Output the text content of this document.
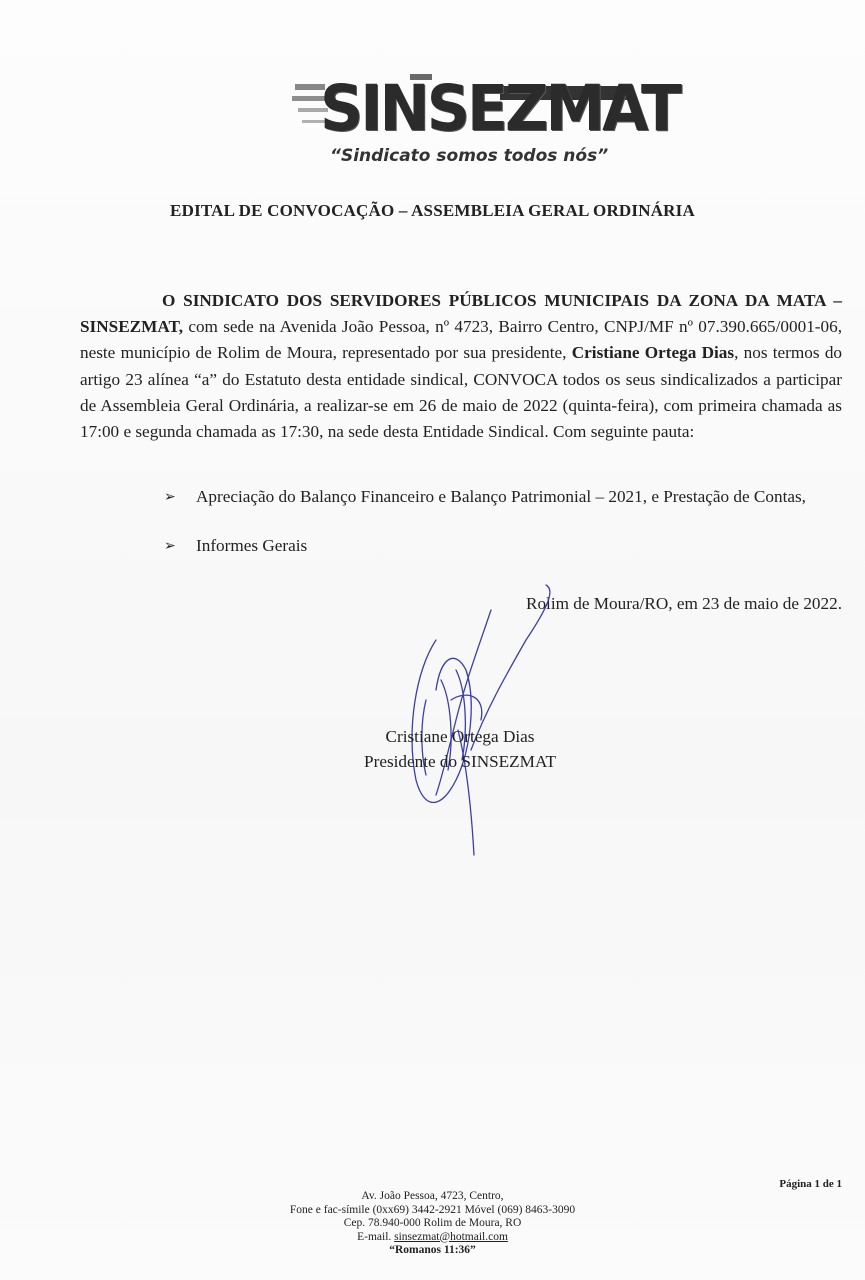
SINSEZMAT
“Sindicato somos todos nós”
EDITAL DE CONVOCAÇÃO – ASSEMBLEIA GERAL ORDINÁRIA
O SINDICATO DOS SERVIDORES PÚBLICOS MUNICIPAIS DA ZONA DA MATA – SINSEZMAT, com sede na Avenida João Pessoa, nº 4723, Bairro Centro, CNPJ/MF nº 07.390.665/0001-06, neste município de Rolim de Moura, representado por sua presidente, Cristiane Ortega Dias, nos termos do artigo 23 alínea “a” do Estatuto desta entidade sindical, CONVOCA todos os seus sindicalizados a participar de Assembleia Geral Ordinária, a realizar-se em 26 de maio de 2022 (quinta-feira), com primeira chamada as 17:00 e segunda chamada as 17:30, na sede desta Entidade Sindical. Com seguinte pauta:
➢ Apreciação do Balanço Financeiro e Balanço Patrimonial – 2021, e Prestação de Contas,
➢ Informes Gerais
Rolim de Moura/RO, em 23 de maio de 2022.
Cristiane Ortega Dias
Presidente do SINSEZMAT
Página 1 de 1
Av. João Pessoa, 4723, Centro,
Fone e fac-símile (0xx69) 3442-2921 Móvel (069) 8463-3090
Cep. 78.940-000 Rolim de Moura, RO
E-mail. sinsezmat@hotmail.com
“Romanos 11:36”
